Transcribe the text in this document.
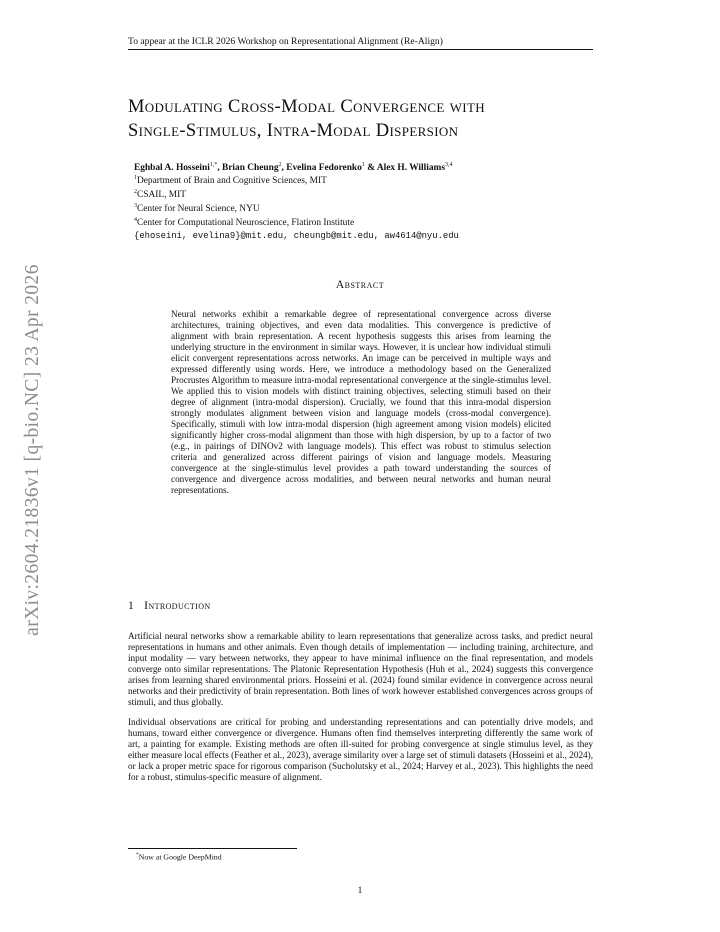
To appear at the ICLR 2026 Workshop on Representational Alignment (Re-Align)
Modulating Cross-Modal Convergence with
Single-Stimulus, Intra-Modal Dispersion
Eghbal A. Hosseini$^{1,*}$, Brian Cheung$^2$, Evelina Fedorenko$^1$ & Alex H. Williams$^{3,4}$
$^1$Department of Brain and Cognitive Sciences, MIT
$^2$CSAIL, MIT
$^3$Center for Neural Science, NYU
$^4$Center for Computational Neuroscience, Flatiron Institute
{ehoseini, evelina9}@mit.edu, cheungb@mit.edu, aw4614@nyu.edu
Abstract
Neural networks exhibit a remarkable degree of representational convergence across diverse architectures, training objectives, and even data modalities. This convergence is predictive of alignment with brain representation. A recent hypothesis suggests this arises from learning the underlying structure in the environment in similar ways. However, it is unclear how individual stimuli elicit convergent representations across networks. An image can be perceived in multiple ways and expressed differently using words. Here, we introduce a methodology based on the Generalized Procrustes Algorithm to measure intra-modal representational convergence at the single-stimulus level. We applied this to vision models with distinct training objectives, selecting stimuli based on their degree of alignment (intra-modal dispersion). Crucially, we found that this intra-modal dispersion strongly modulates alignment between vision and language models (cross-modal convergence). Specifically, stimuli with low intra-modal dispersion (high agreement among vision models) elicited significantly higher cross-modal alignment than those with high dispersion, by up to a factor of two (e.g., in pairings of DINOv2 with language models). This effect was robust to stimulus selection criteria and generalized across different pairings of vision and language models. Measuring convergence at the single-stimulus level provides a path toward understanding the sources of convergence and divergence across modalities, and between neural networks and human neural representations.
arXiv:2604.21836v1 [q-bio.NC] 23 Apr 2026	1 Introduction
Artificial neural networks show a remarkable ability to learn representations that generalize across tasks, and predict neural representations in humans and other animals. Even though details of implementation — including training, architecture, and input modality — vary between networks, they appear to have minimal influence on the final representation, and models converge onto similar representations. The Platonic Representation Hypothesis (Huh et al., 2024) suggests this convergence arises from learning shared environmental priors. Hosseini et al. (2024) found similar evidence in convergence across neural networks and their predictivity of brain representation. Both lines of work however established convergences across groups of stimuli, and thus globally.
Individual observations are critical for probing and understanding representations and can potentially drive models, and humans, toward either convergence or divergence. Humans often find themselves interpreting differently the same work of art, a painting for example. Existing methods are often ill-suited for probing convergence at single stimulus level, as they either measure local effects (Feather et al., 2023), average similarity over a large set of stimuli datasets (Hosseini et al., 2024), or lack a proper metric space for rigorous comparison (Sucholutsky et al., 2024; Harvey et al., 2023). This highlights the need for a robust, stimulus-specific measure of alignment.
*Now at Google DeepMind
1
